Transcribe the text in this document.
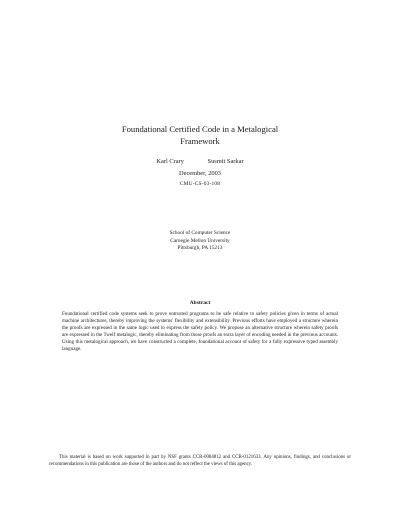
Foundational Certified Code in a Metalogical
Framework
Karl Crary	Susmit Sarkar
December, 2003
CMU-CS-03-108
School of Computer Science
Carnegie Mellon University
Pittsburgh, PA 15213
Abstract
Foundational certified code systems seek to prove untrusted programs to be safe relative to safety policies given in terms of actual machine architectures, thereby improving the systems' flexibility and extensibility. Previous efforts have employed a structure wherein the proofs are expressed in the same logic used to express the safety policy. We propose an alternative structure wherein safety proofs are expressed in the Twelf metalogic, thereby eliminating from those proofs an extra layer of encoding needed in the previous accounts. Using this metalogical approach, we have constructed a complete, foundational account of safety for a fully expressive typed assembly language.
This material is based on work supported in part by NSF grants CCR-0084812 and CCR-0121633. Any opinions, findings, and conclusions or recommendations in this publication are those of the authors and do not reflect the views of this agency.
